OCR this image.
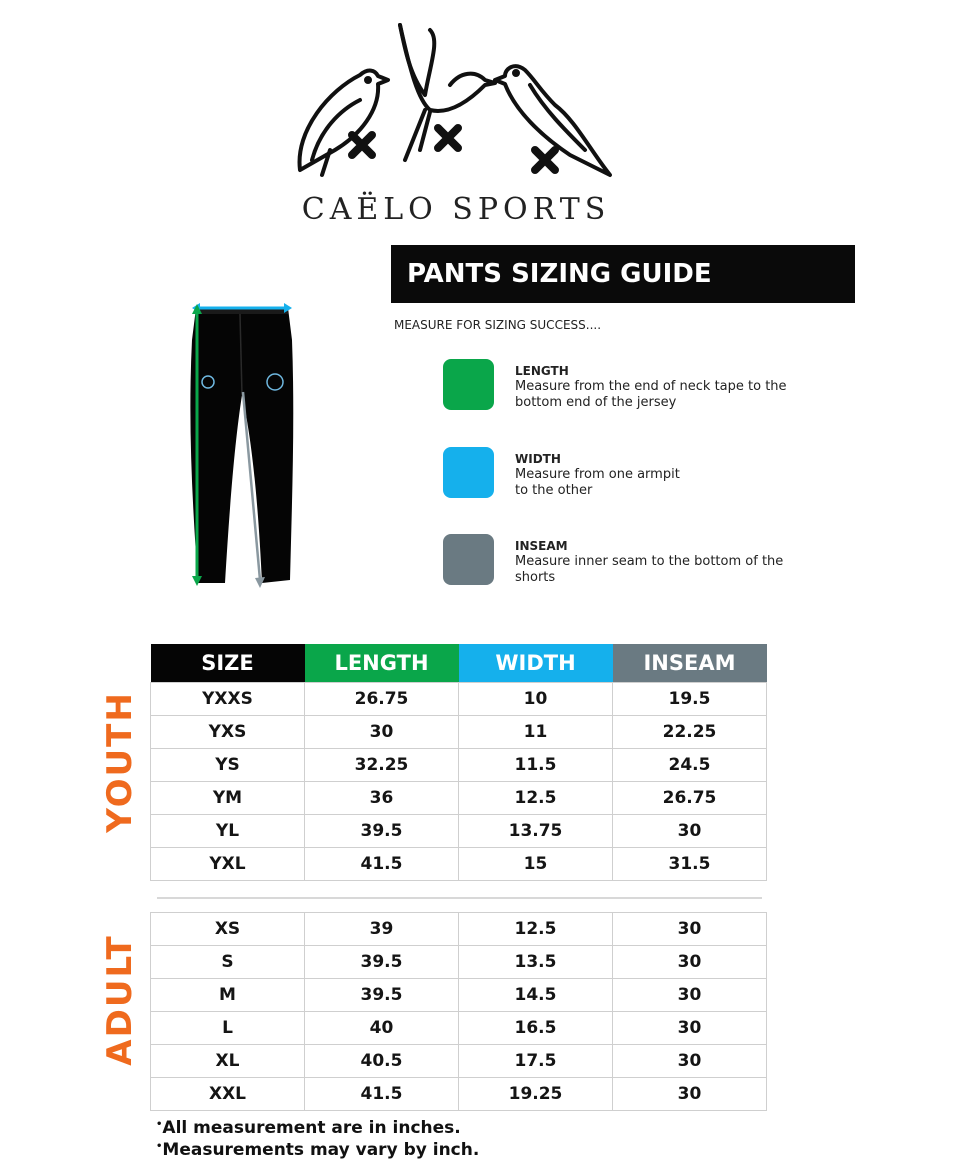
CAËLO SPORTS
PANTS SIZING GUIDE
MEASURE FOR SIZING SUCCESS....
LENGTH
Measure from the end of neck tape to the bottom end of the jersey
WIDTH
Measure from one armpit to the other
INSEAM
Measure inner seam to the bottom of the shorts
YOUTH
ADULT
SIZE	LENGTH	WIDTH	INSEAM
YXXS	26.75	10	19.5
YXS	30	11	22.25
YS	32.25	11.5	24.5
YM	36	12.5	26.75
YL	39.5	13.75	30
YXL	41.5	15	31.5
XS	39	12.5	30
S	39.5	13.5	30
M	39.5	14.5	30
L	40	16.5	30
XL	40.5	17.5	30
XXL	41.5	19.25	30
•All measurement are in inches.
•Measurements may vary by inch.
